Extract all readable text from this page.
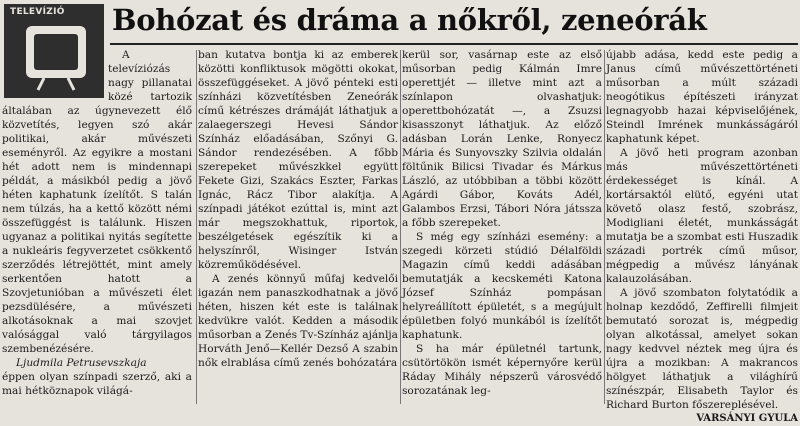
TELEVÍZIÓ Bohózat és dráma a nőkről, zeneórák

A televíziózás nagy pillanatai közé tartozik általában az úgynevezett élő közvetítés, legyen szó akár politikai, akár művészeti eseményről. Az egyikre a mostani hét adott nem is mindennapi példát, a másikból pedig a jövő héten kaphatunk ízelítőt. S talán nem túlzás, ha a kettő között némi összefüggést is találunk. Hiszen ugyanaz a politikai nyitás segítette a nukleáris fegyverzetet csökkentő szerződés létrejöttét, mint amely serkentően hatott a Szovjetunióban a művészeti élet pezsdülésére, a művészeti alkotásoknak a mai szovjet valósággal való tárgyilagos szembenézésére.

Ljudmila Petrusevszkaja

éppen olyan színpadi szerző, aki a mai hétköznapok világá-

ban kutatva bontja ki az emberek közötti konfliktusok mögötti okokat, összefüggéseket. A jövő pénteki esti színházi közvetítésben Zeneórák című kétrészes drámáját láthatjuk a zalaegerszegi Hevesi Sándor Színház előadásában, Szőnyi G. Sándor rendezésében. A főbb szerepeket művészkkel együtt Fekete Gizi, Szakács Eszter, Farkas Ignác, Rácz Tibor alakítja. A színpadi játékot ezúttal is, mint azt már megszokhattuk, riportok, beszélgetések egészítik ki a helyszínről, Wisinger István közreműködésével.

A zenés könnyű műfaj kedvelői igazán nem panaszkodhatnak a jövő héten, hiszen két este is találnak kedvükre valót. Kedden a második műsorban a Zenés Tv-Színház ajánlja Horváth Jenő—Kellér Dezső A szabin nők elrablása című zenés bohózatára

kerül sor, vasárnap este az első műsorban pedig Kálmán Imre operettjét — illetve mint azt a színlapon olvashatjuk: operettbohózatát —, a Zsuzsi kisasszonyt láthatjuk. Az előző adásban Lorán Lenke, Ronyecz Mária és Sunyovszky Szilvia oldalán föltűnik Bilicsi Tivadar és Márkus László, az utóbbiban a többi között Agárdi Gábor, Kováts Adél, Galambos Erzsi, Tábori Nóra játssza a főbb szerepeket.

S még egy színházi esemény: a szegedi körzeti stúdió Délalföldi Magazin című keddi adásában bemutatják a kecskeméti Katona József Színház pompásan helyreállított épületét, s a megújult épületben folyó munkából is ízelítőt kaphatunk.

S ha már épületnél tartunk, csütörtökön ismét képernyőre kerül Ráday Mihály népszerű városvédő sorozatának leg-

újabb adása, kedd este pedig a Janus című művészettörténeti műsorban a múlt századi neogótikus építészeti irányzat legnagyobb hazai képviselőjének, Steindl Imrének munkásságáról kaphatunk képet.

A jövő heti program azonban más művészettörténeti érdekességet is kínál. A kortársaktól elütő, egyéni utat követő olasz festő, szobrász, Modigliani életét, munkásságát mutatja be a szombat esti Huszadik századi portrék című műsor, mégpedig a művész lányának kalauzolásában.

A jövő szombaton folytatódik a holnap kezdődő, Zeffirelli filmjeit bemutató sorozat is, mégpedig olyan alkotással, amelyet sokan nagy kedvvel néztek meg újra és újra a mozikban: A makrancos hölgyet láthatjuk a világhírű színészpár, Elisabeth Taylor és Richard Burton főszereplésével.

VARSÁNYI GYULA
